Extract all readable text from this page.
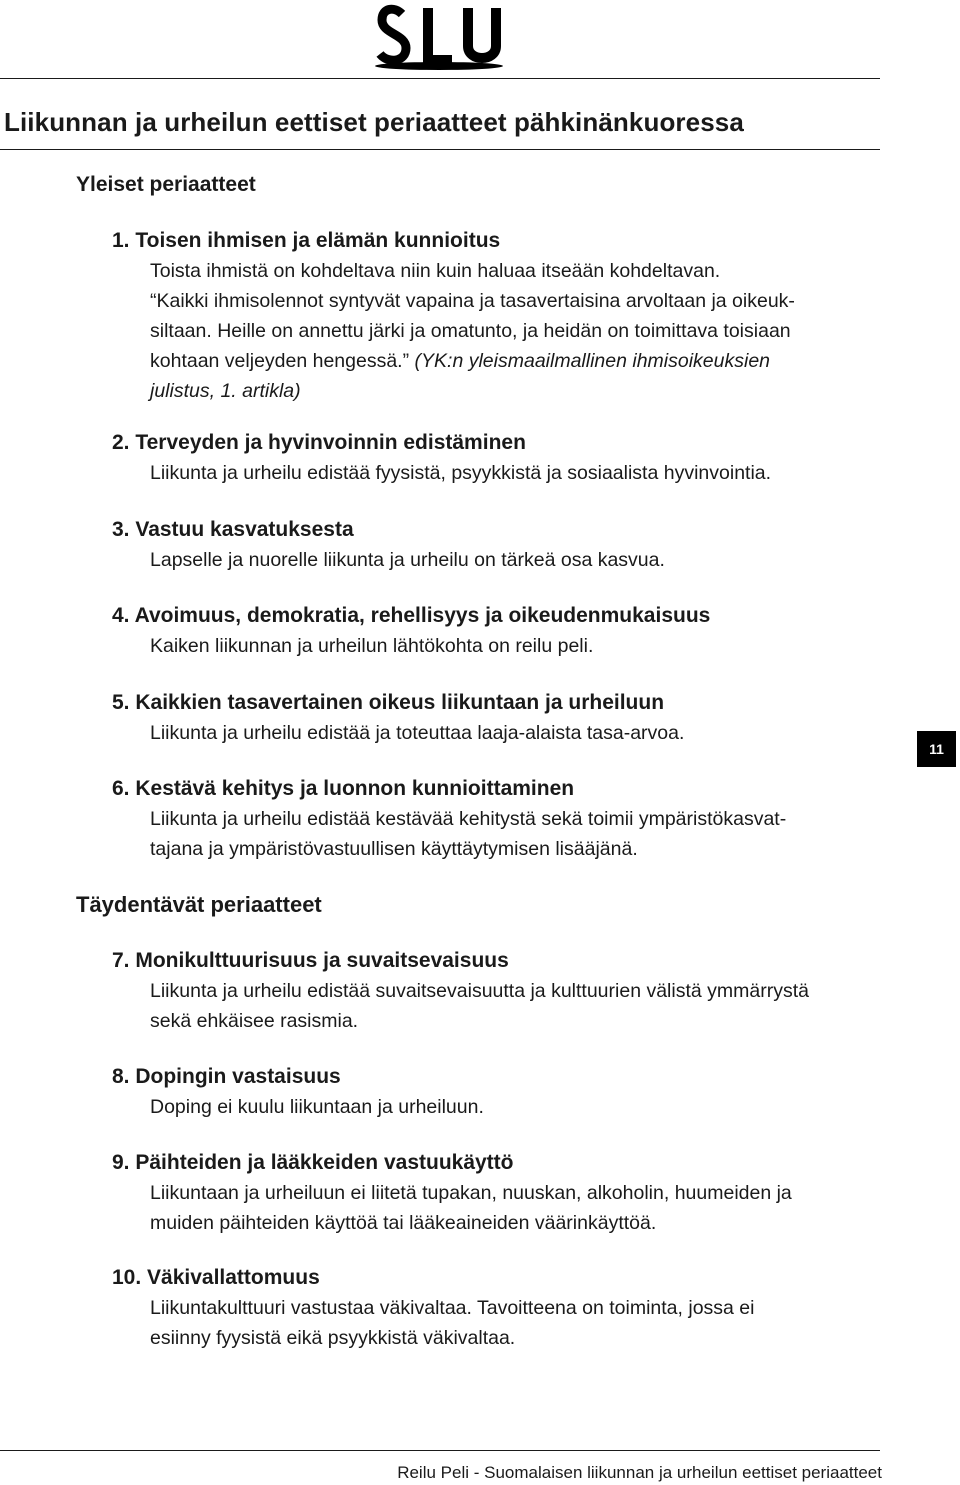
Liikunnan ja urheilun eettiset periaatteet pähkinänkuoressa
Yleiset periaatteet
1. Toisen ihmisen ja elämän kunnioitus
Toista ihmistä on kohdeltava niin kuin haluaa itseään kohdeltavan.
“Kaikki ihmisolennot syntyvät vapaina ja tasavertaisina arvoltaan ja oikeuk-
siltaan. Heille on annettu järki ja omatunto, ja heidän on toimittava toisiaan
kohtaan veljeyden hengessä.” (YK:n yleismaailmallinen ihmisoikeuksien
julistus, 1. artikla)
2. Terveyden ja hyvinvoinnin edistäminen
Liikunta ja urheilu edistää fyysistä, psyykkistä ja sosiaalista hyvinvointia.
3. Vastuu kasvatuksesta
Lapselle ja nuorelle liikunta ja urheilu on tärkeä osa kasvua.
4. Avoimuus, demokratia, rehellisyys ja oikeudenmukaisuus
Kaiken liikunnan ja urheilun lähtökohta on reilu peli.
5. Kaikkien tasavertainen oikeus liikuntaan ja urheiluun
Liikunta ja urheilu edistää ja toteuttaa laaja-alaista tasa-arvoa.
6. Kestävä kehitys ja luonnon kunnioittaminen
Liikunta ja urheilu edistää kestävää kehitystä sekä toimii ympäristökasvat-
tajana ja ympäristövastuullisen käyttäytymisen lisääjänä.
Täydentävät periaatteet
7. Monikulttuurisuus ja suvaitsevaisuus
Liikunta ja urheilu edistää suvaitsevaisuutta ja kulttuurien välistä ymmärrystä
sekä ehkäisee rasismia.
8. Dopingin vastaisuus
Doping ei kuulu liikuntaan ja urheiluun.
9. Päihteiden ja lääkkeiden vastuukäyttö
Liikuntaan ja urheiluun ei liitetä tupakan, nuuskan, alkoholin, huumeiden ja
muiden päihteiden käyttöä tai lääkeaineiden väärinkäyttöä.
10. Väkivallattomuus
Liikuntakulttuuri vastustaa väkivaltaa. Tavoitteena on toiminta, jossa ei
esiinny fyysistä eikä psyykkistä väkivaltaa.
11
Reilu Peli - Suomalaisen liikunnan ja urheilun eettiset periaatteet
